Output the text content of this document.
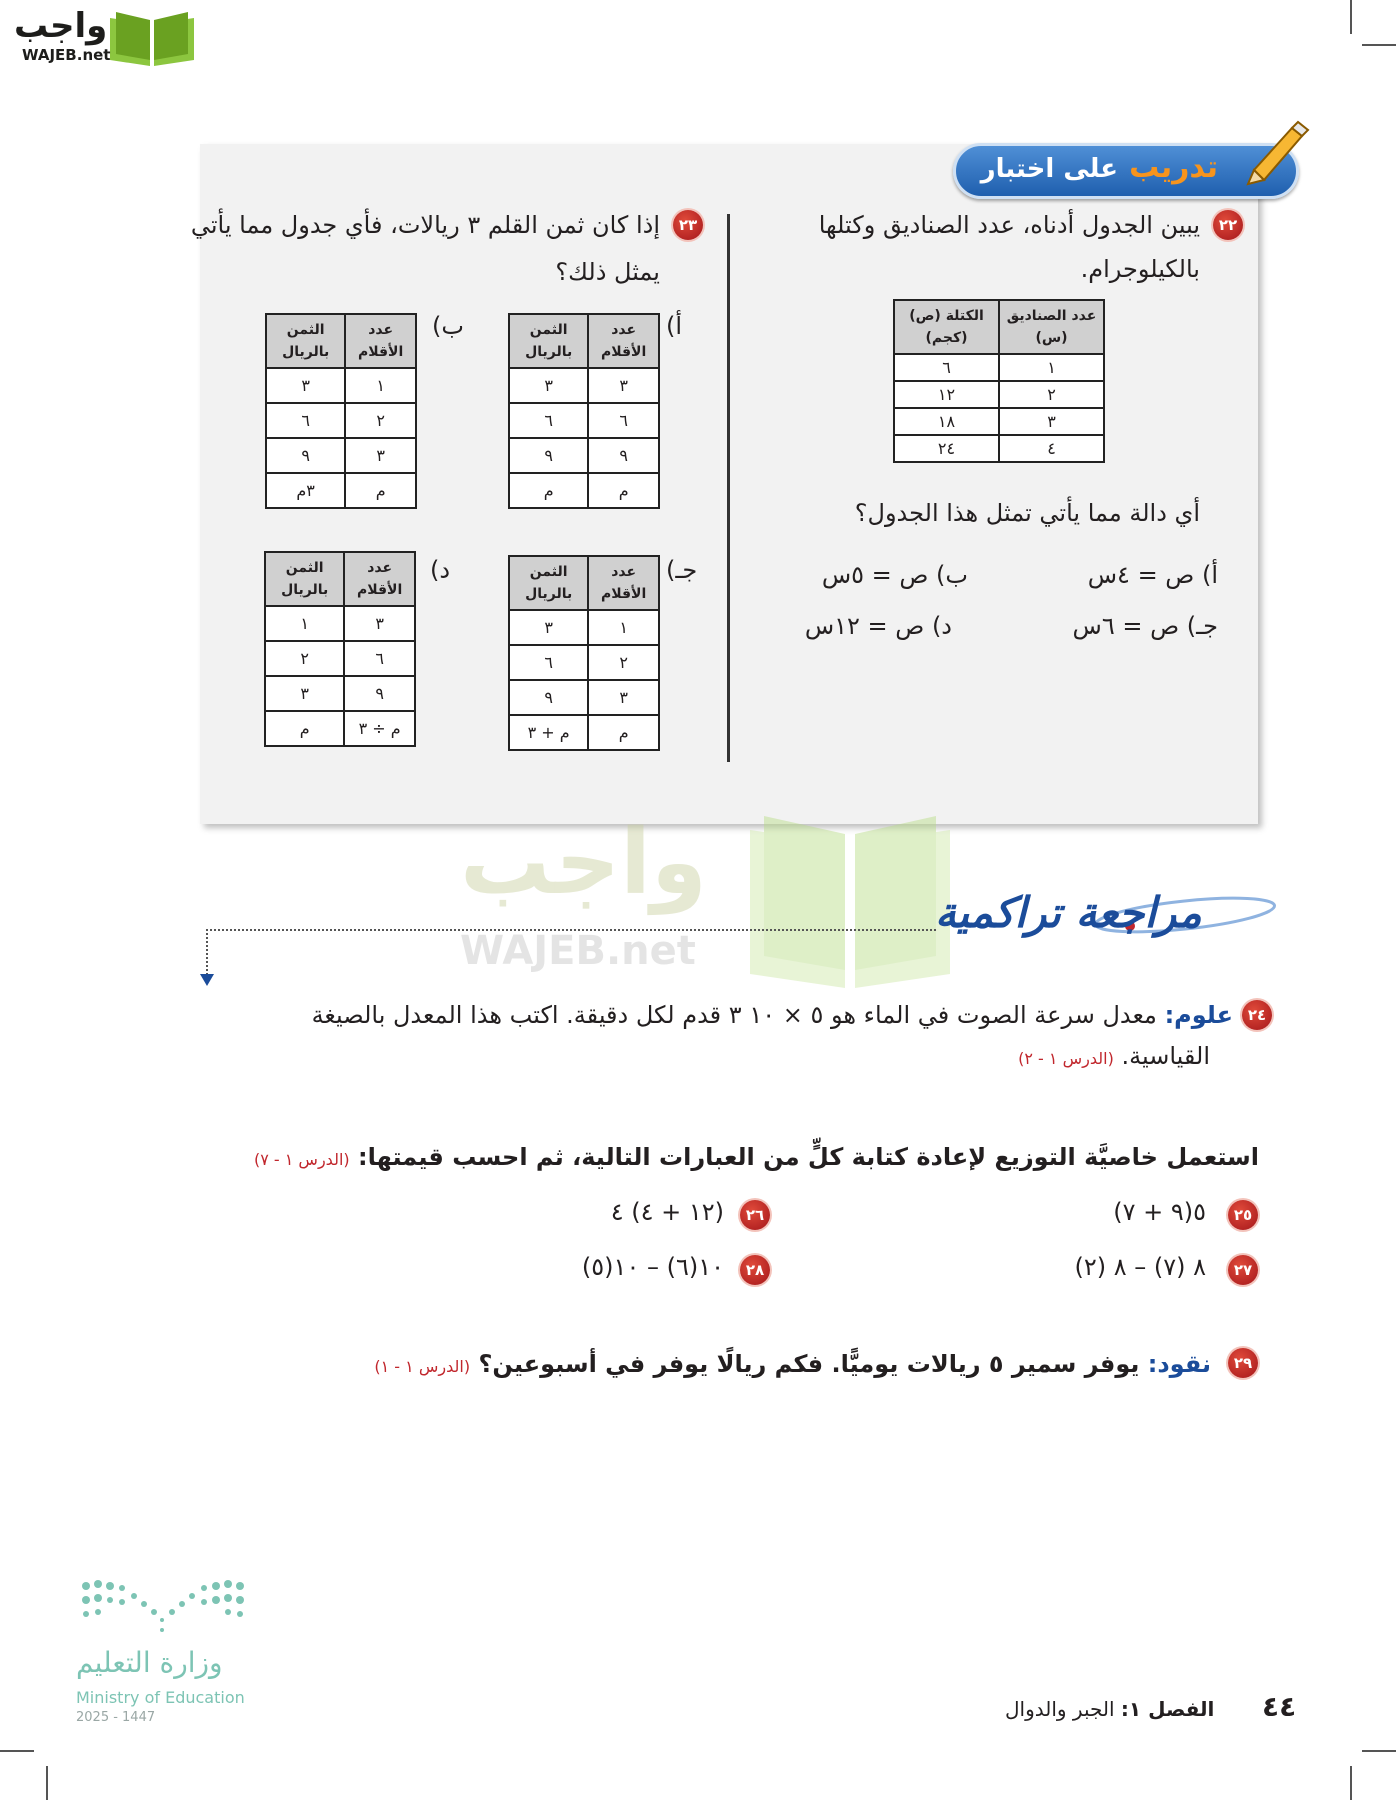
واجب
WAJEB.net
تدريب
على اختبار
٢٢
يبين الجدول أدناه، عدد الصناديق وكتلها
بالكيلوجرام.
عدد الصناديق (س)	الكتلة (ص) (كجم)
١	٦
٢	١٢
٣	١٨
٤	٢٤
أي دالة مما يأتي تمثل هذا الجدول؟
أ) ص = ٤س
ب) ص = ٥س
جـ) ص = ٦س
د) ص = ١٢س
٢٣
إذا كان ثمن القلم ٣ ريالات، فأي جدول مما يأتي
يمثل ذلك؟
أ)
عدد الأقلام	الثمن بالريال
٣	٣
٦	٦
٩	٩
م	م
ب)
عدد الأقلام	الثمن بالريال
١	٣
٢	٦
٣	٩
م	٣م
جـ)
عدد الأقلام	الثمن بالريال
١	٣
٢	٦
٣	٩
م	م + ٣
د)
عدد الأقلام	الثمن بالريال
٣	١
٦	٢
٩	٣
م ÷ ٣	م
واجب
WAJEB.net
مراجعة تراكمية
٢٤
علوم: معدل سرعة الصوت في الماء هو ٥ × ١٠ ٣ قدم لكل دقيقة. اكتب هذا المعدل بالصيغة
القياسية. (الدرس ١ - ٢)
استعمل خاصيَّة التوزيع لإعادة كتابة كلٍّ من العبارات التالية، ثم احسب قيمتها: (الدرس ١ - ٧)
٢٥
٥(٩ + ٧)
٢٦
(١٢ + ٤) ٤
٢٧
٨ (٧) – ٨ (٢)
٢٨
١٠(٦) – ١٠(٥)
٢٩
نقود: يوفر سمير ٥ ريالات يوميًّا. فكم ريالًا يوفر في أسبوعين؟ (الدرس ١ - ١)
وزارة التعليم
Ministry of Education
2025 - 1447	الفصل ١: الجبر والدوال	٤٤
